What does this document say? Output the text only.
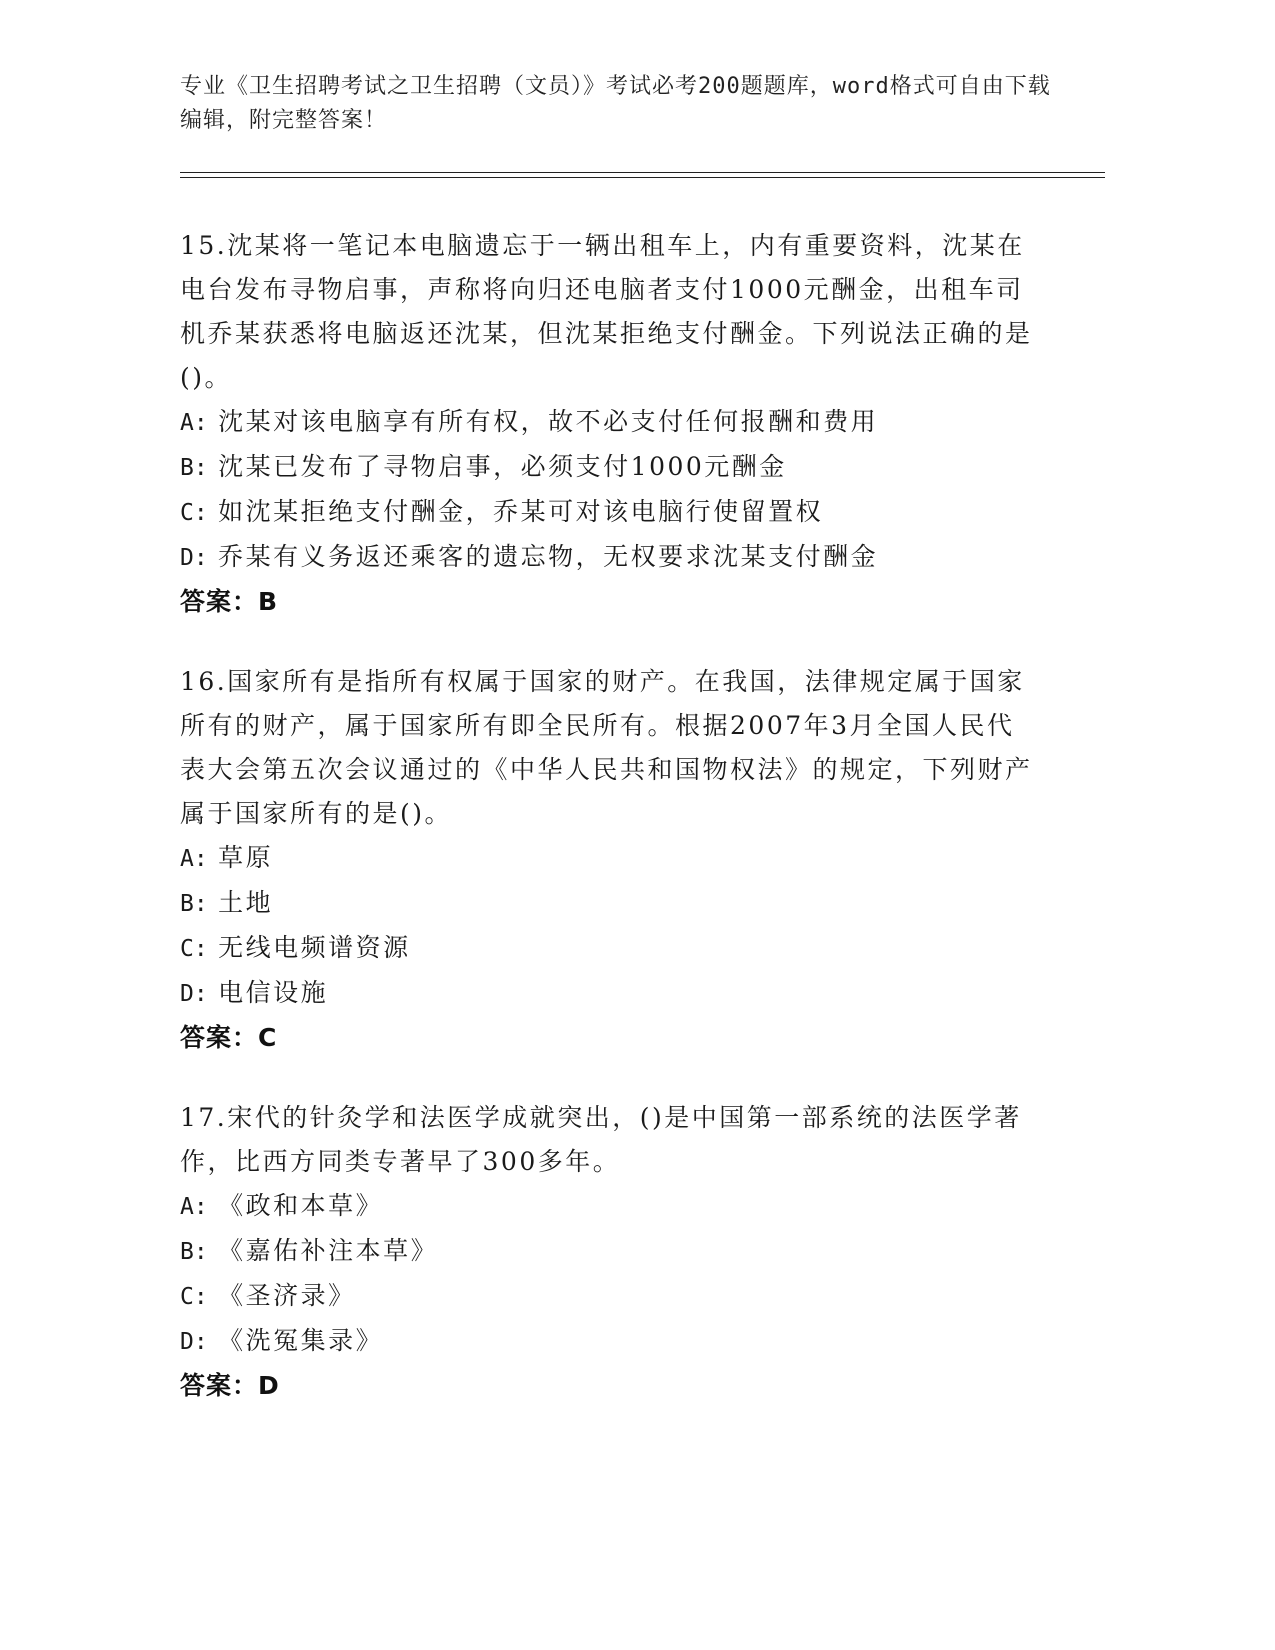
专业《卫生招聘考试之卫生招聘（文员）》考试必考200题题库，word格式可自由下载编辑，附完整答案！

15.沈某将一笔记本电脑遗忘于一辆出租车上，内有重要资料，沈某在电台发布寻物启事，声称将向归还电脑者支付1000元酬金，出租车司机乔某获悉将电脑返还沈某，但沈某拒绝支付酬金。下列说法正确的是()。

A: 沈某对该电脑享有所有权，故不必支付任何报酬和费用

B: 沈某已发布了寻物启事，必须支付1000元酬金

C: 如沈某拒绝支付酬金，乔某可对该电脑行使留置权

D: 乔某有义务返还乘客的遗忘物，无权要求沈某支付酬金

答案：B

16.国家所有是指所有权属于国家的财产。在我国，法律规定属于国家所有的财产，属于国家所有即全民所有。根据2007年3月全国人民代表大会第五次会议通过的《中华人民共和国物权法》的规定，下列财产属于国家所有的是()。

A: 草原

B: 土地

C: 无线电频谱资源

D: 电信设施

答案：C

17.宋代的针灸学和法医学成就突出，()是中国第一部系统的法医学著作，比西方同类专著早了300多年。

A: 《政和本草》

B: 《嘉佑补注本草》

C: 《圣济录》

D: 《洗冤集录》

答案：D
